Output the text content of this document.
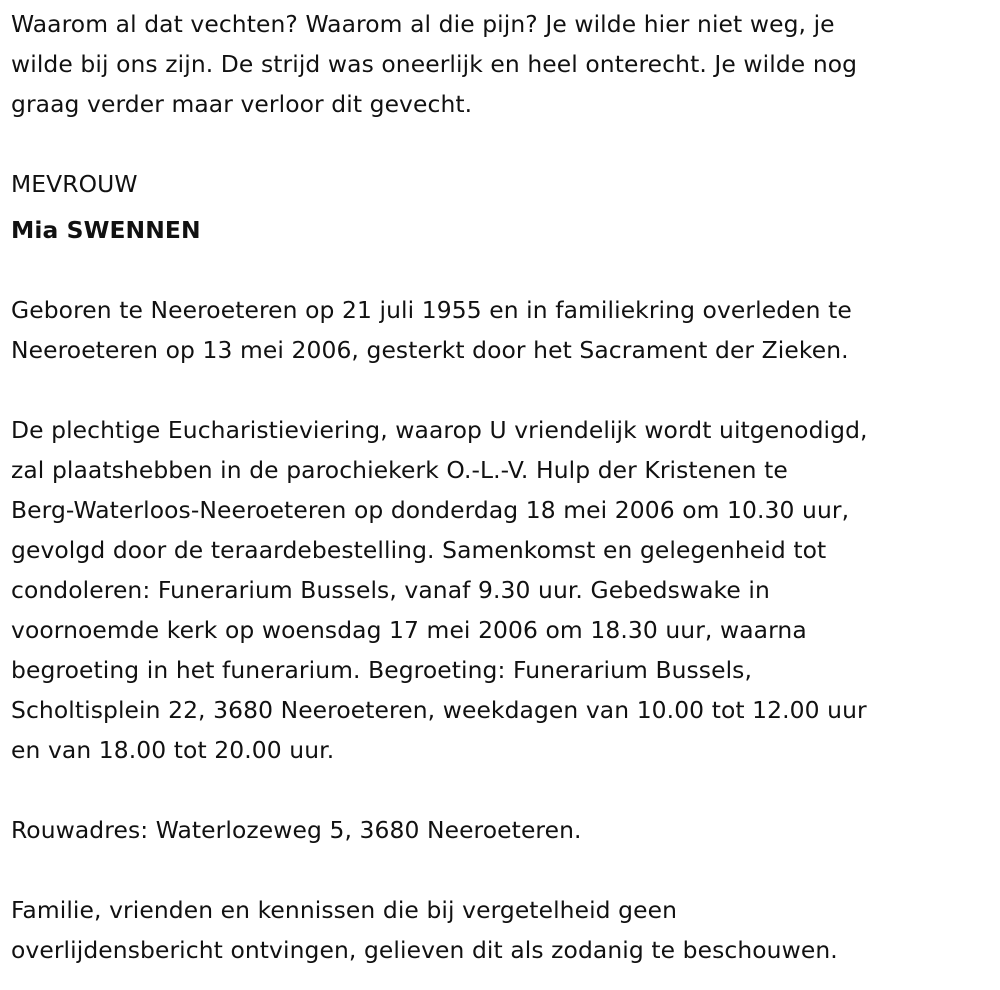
Waarom al dat vechten? Waarom al die pijn? Je wilde hier niet weg, je
wilde bij ons zijn. De strijd was oneerlijk en heel onterecht. Je wilde nog
graag verder maar verloor dit gevecht.

MEVROUW

Mia SWENNEN

Geboren te Neeroeteren op 21 juli 1955 en in familiekring overleden te
Neeroeteren op 13 mei 2006, gesterkt door het Sacrament der Zieken.

De plechtige Eucharistieviering, waarop U vriendelijk wordt uitgenodigd,
zal plaatshebben in de parochiekerk O.-L.-V. Hulp der Kristenen te
Berg-Waterloos-Neeroeteren op donderdag 18 mei 2006 om 10.30 uur,
gevolgd door de teraardebestelling. Samenkomst en gelegenheid tot
condoleren: Funerarium Bussels, vanaf 9.30 uur. Gebedswake in
voornoemde kerk op woensdag 17 mei 2006 om 18.30 uur, waarna
begroeting in het funerarium. Begroeting: Funerarium Bussels,
Scholtisplein 22, 3680 Neeroeteren, weekdagen van 10.00 tot 12.00 uur
en van 18.00 tot 20.00 uur.

Rouwadres: Waterlozeweg 5, 3680 Neeroeteren.

Familie, vrienden en kennissen die bij vergetelheid geen
overlijdensbericht ontvingen, gelieven dit als zodanig te beschouwen.
